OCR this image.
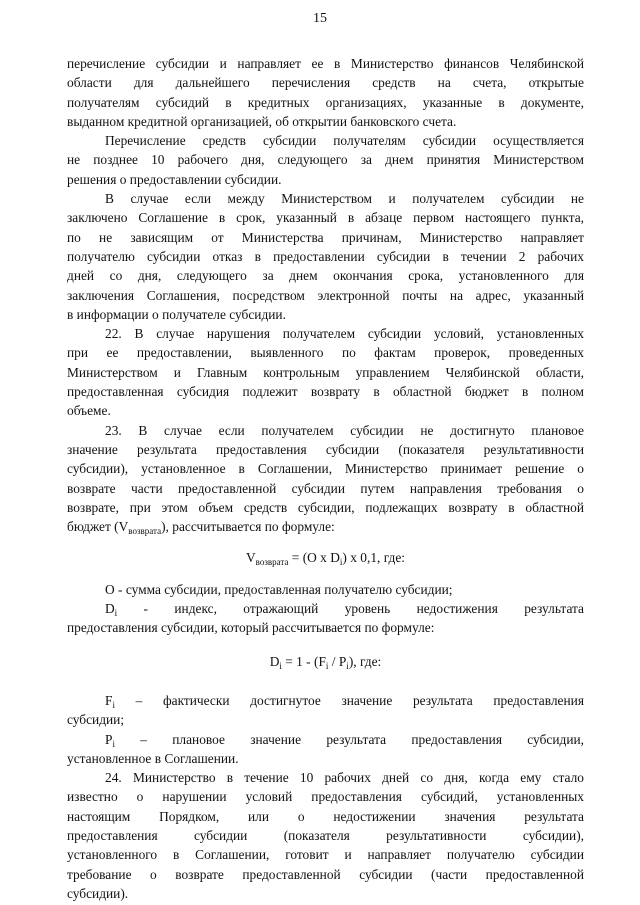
15
перечисление субсидии и направляет ее в Министерство финансов Челябинской
области для дальнейшего перечисления средств на счета, открытые
получателям субсидий в кредитных организациях, указанные в документе,
выданном кредитной организацией, об открытии банковского счета.
Перечисление средств субсидии получателям субсидии осуществляется
не позднее 10 рабочего дня, следующего за днем принятия Министерством
решения о предоставлении субсидии.
В случае если между Министерством и получателем субсидии не
заключено Соглашение в срок, указанный в абзаце первом настоящего пункта,
по не зависящим от Министерства причинам, Министерство направляет
получателю субсидии отказ в предоставлении субсидии в течении 2 рабочих
дней со дня, следующего за днем окончания срока, установленного для
заключения Соглашения, посредством электронной почты на адрес, указанный
в информации о получателе субсидии.
22. В случае нарушения получателем субсидии условий, установленных
при ее предоставлении, выявленного по фактам проверок, проведенных
Министерством и Главным контрольным управлением Челябинской области,
предоставленная субсидия подлежит возврату в областной бюджет в полном
объеме.
23. В случае если получателем субсидии не достигнуто плановое
значение результата предоставления субсидии (показателя результативности
субсидии), установленное в Соглашении, Министерство принимает решение о
возврате части предоставленной субсидии путем направления требования о
возврате, при этом объем средств субсидии, подлежащих возврату в областной
бюджет $(V_{возврата})$, рассчитывается по формуле:
$V_{возврата} = (O$ x $D_i$) x 0,1, где:
O - сумма субсидии, предоставленная получателю субсидии;
$D_i$ - индекс, отражающий уровень недостижения результата
предоставления субсидии, который рассчитывается по формуле:
$D_i = 1 - (F_i / P_i)$, где:
$F_i$ – фактически достигнутое значение результата предоставления
субсидии;
$P_i$ – плановое значение результата предоставления субсидии,
установленное в Соглашении.
24. Министерство в течение 10 рабочих дней со дня, когда ему стало
известно о нарушении условий предоставления субсидий, установленных
настоящим Порядком, или о недостижении значения результата
предоставления субсидии (показателя результативности субсидии),
установленного в Соглашении, готовит и направляет получателю субсидии
требование о возврате предоставленной субсидии (части предоставленной
субсидии).
